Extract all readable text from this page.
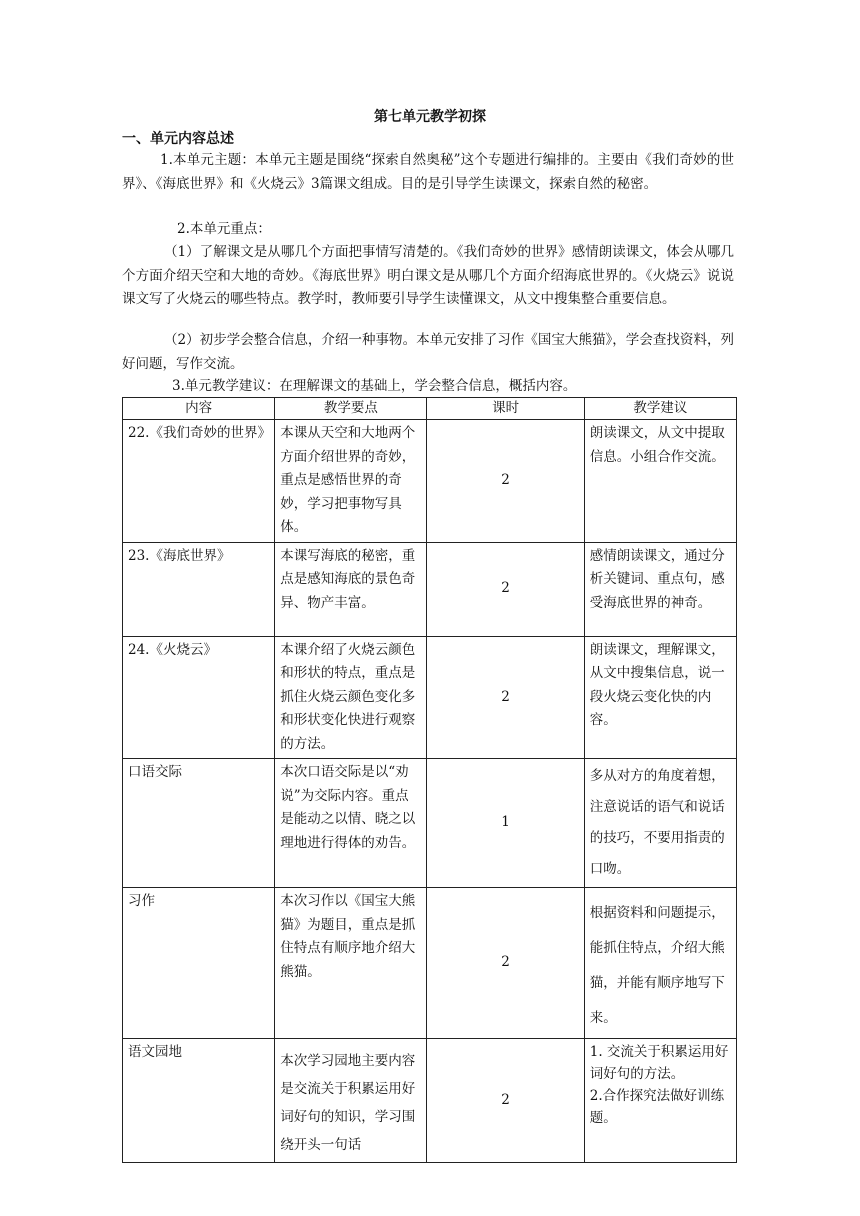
第七单元教学初探
一、单元内容总述
1.本单元主题：本单元主题是围绕“探索自然奥秘”这个专题进行编排的。主要由《我们奇妙的世界》、《海底世界》和《火烧云》3篇课文组成。目的是引导学生读课文，探索自然的秘密。
2.本单元重点：
（1）了解课文是从哪几个方面把事情写清楚的。《我们奇妙的世界》感情朗读课文，体会从哪几个方面介绍天空和大地的奇妙。《海底世界》明白课文是从哪几个方面介绍海底世界的。《火烧云》说说课文写了火烧云的哪些特点。教学时，教师要引导学生读懂课文，从文中搜集整合重要信息。
（2）初步学会整合信息，介绍一种事物。本单元安排了习作《国宝大熊猫》，学会查找资料，列好问题，写作交流。
3.单元教学建议：在理解课文的基础上，学会整合信息，概括内容。
内容	教学要点	课时	教学建议
22.《我们奇妙的世界》	本课从天空和大地两个方面介绍世界的奇妙，重点是感悟世界的奇妙，学习把事物写具体。	2	朗读课文，从文中提取信息。小组合作交流。
23.《海底世界》	本课写海底的秘密，重点是感知海底的景色奇异、物产丰富。	2	感情朗读课文，通过分析关键词、重点句，感受海底世界的神奇。
24.《火烧云》	本课介绍了火烧云颜色和形状的特点，重点是抓住火烧云颜色变化多和形状变化快进行观察的方法。	2	朗读课文，理解课文，从文中搜集信息，说一段火烧云变化快的内容。
口语交际	本次口语交际是以“劝说”为交际内容。重点是能动之以情、晓之以理地进行得体的劝告。	1	多从对方的角度着想，注意说话的语气和说话的技巧，不要用指责的口吻。
习作	本次习作以《国宝大熊猫》为题目，重点是抓住特点有顺序地介绍大熊猫。	2	根据资料和问题提示，能抓住特点，介绍大熊猫，并能有顺序地写下来。
语文园地	本次学习园地主要内容是交流关于积累运用好词好句的知识，学习围绕开头一句话	2	1. 交流关于积累运用好词好句的方法。
2.合作探究法做好训练题。
